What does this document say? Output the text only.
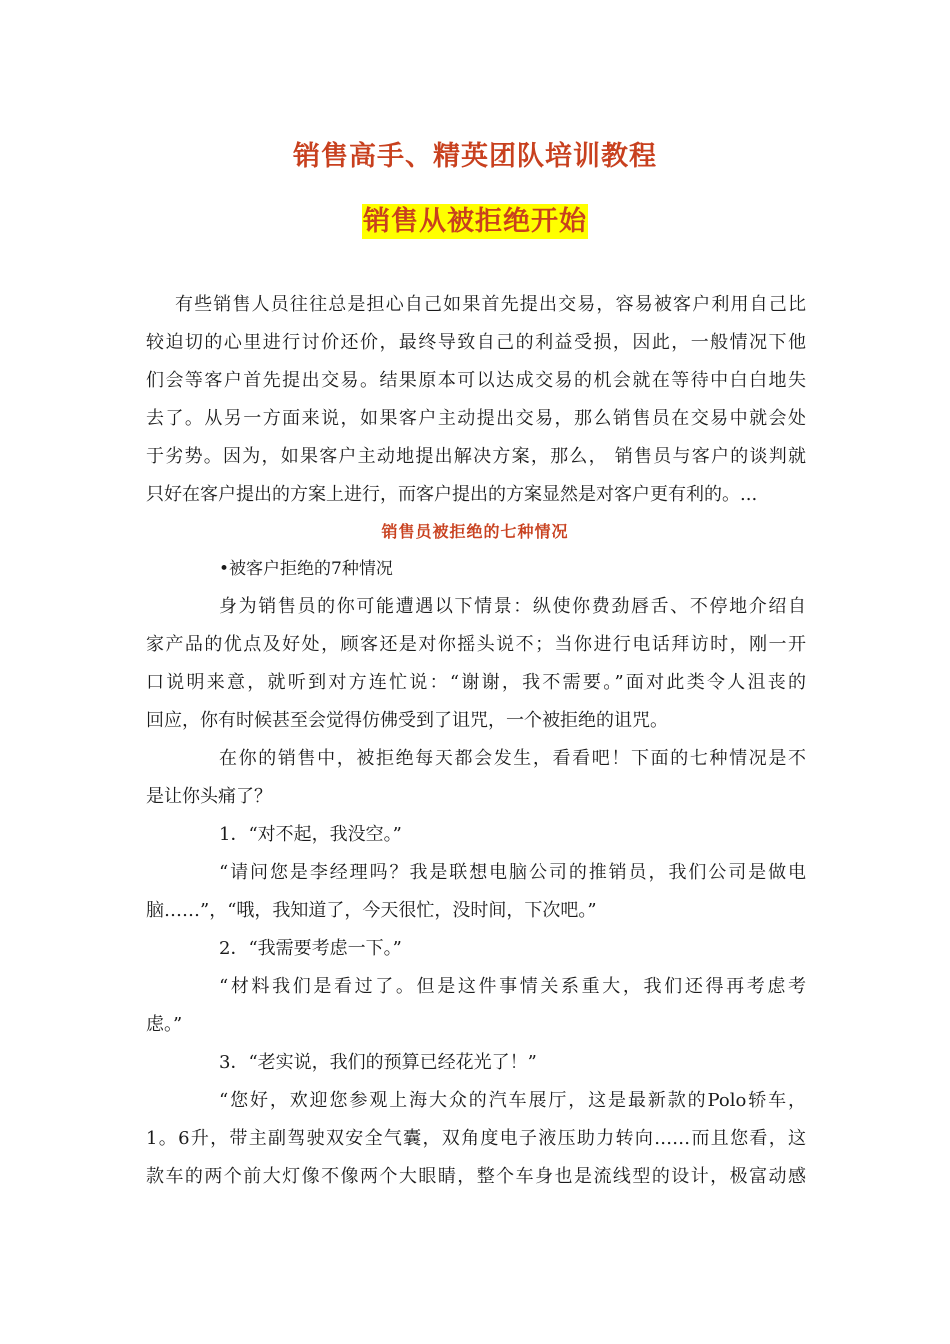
销售高手、精英团队培训教程
销售从被拒绝开始
有些销售人员往往总是担心自己如果首先提出交易，容易被客户利用自己比
较迫切的心里进行讨价还价，最终导致自己的利益受损，因此，一般情况下他
们会等客户首先提出交易。结果原本可以达成交易的机会就在等待中白白地失
去了。从另一方面来说，如果客户主动提出交易，那么销售员在交易中就会处
于劣势。因为，如果客户主动地提出解决方案，那么， 销售员与客户的谈判就
只好在客户提出的方案上进行，而客户提出的方案显然是对客户更有利的。...
销售员被拒绝的七种情况
•被客户拒绝的7种情况
身为销售员的你可能遭遇以下情景：纵使你费劲唇舌、不停地介绍自
家产品的优点及好处，顾客还是对你摇头说不；当你进行电话拜访时，刚一开
口说明来意，就听到对方连忙说：“谢谢，我不需要。”面对此类令人沮丧的
回应，你有时候甚至会觉得仿佛受到了诅咒，一个被拒绝的诅咒。
在你的销售中，被拒绝每天都会发生，看看吧！下面的七种情况是不
是让你头痛了？
1．“对不起，我没空。”
“请问您是李经理吗？我是联想电脑公司的推销员，我们公司是做电
脑……”，“哦，我知道了，今天很忙，没时间，下次吧。”
2．“我需要考虑一下。”
“材料我们是看过了。但是这件事情关系重大，我们还得再考虑考
虑。”
3．“老实说，我们的预算已经花光了！”
“您好，欢迎您参观上海大众的汽车展厅，这是最新款的Polo轿车，
1。6升，带主副驾驶双安全气囊，双角度电子液压助力转向……而且您看，这
款车的两个前大灯像不像两个大眼睛，整个车身也是流线型的设计，极富动感
